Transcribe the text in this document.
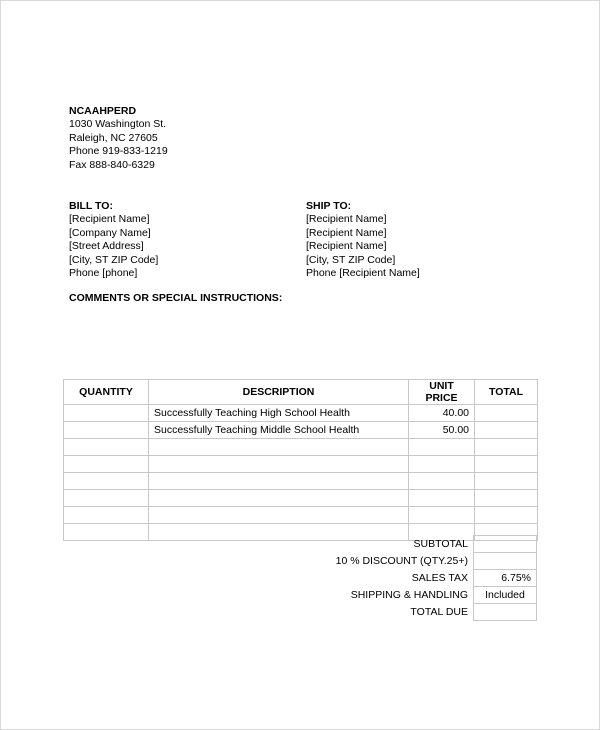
NCAAHPERD
1030 Washington St.
Raleigh, NC 27605
Phone 919-833-1219
Fax 888-840-6329
BILL TO:
[Recipient Name]
[Company Name]
[Street Address]
[City, ST ZIP Code]
Phone [phone]
SHIP TO:
[Recipient Name]
[Recipient Name]
[Recipient Name]
[City, ST ZIP Code]
Phone [Recipient Name]
COMMENTS OR SPECIAL INSTRUCTIONS:
QUANTITY	DESCRIPTION	UNIT PRICE	TOTAL
	Successfully Teaching High School Health	40.00	
	Successfully Teaching Middle School Health	50.00	

SUBTOTAL	
10 % DISCOUNT (QTY.25+)	
SALES TAX	6.75%
SHIPPING & HANDLING	Included
TOTAL DUE	
